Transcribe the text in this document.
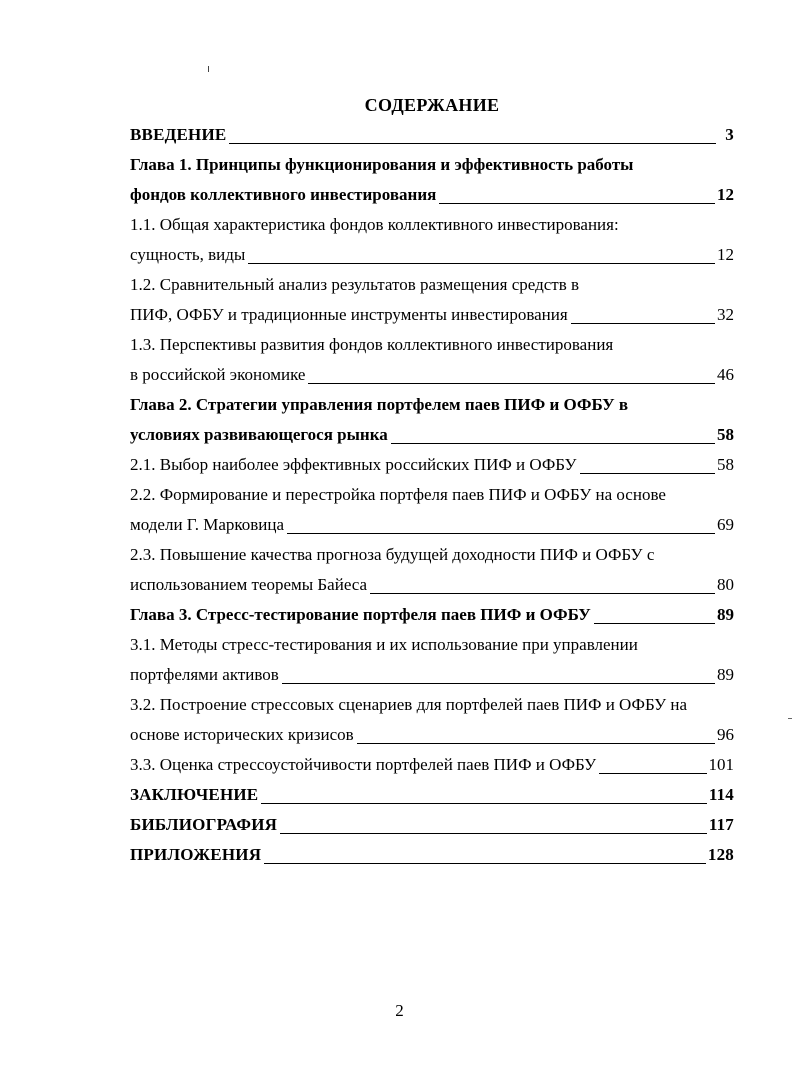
СОДЕРЖАНИЕ
ВВЕДЕНИЕ	3
Глава 1. Принципы функционирования и эффективность работы
фондов коллективного инвестирования	12
1.1. Общая характеристика фондов коллективного инвестирования:
сущность, виды	12
1.2. Сравнительный анализ результатов размещения средств в
ПИФ, ОФБУ и традиционные инструменты инвестирования	32
1.3. Перспективы развития фондов коллективного инвестирования
в российской экономике	46
Глава 2. Стратегии управления портфелем паев ПИФ и ОФБУ в
условиях развивающегося рынка	58
2.1. Выбор наиболее эффективных российских ПИФ и ОФБУ	58
2.2. Формирование и перестройка портфеля паев ПИФ и ОФБУ на основе
модели Г. Марковица	69
2.3. Повышение качества прогноза будущей доходности ПИФ и ОФБУ с
использованием теоремы Байеса	80
Глава 3. Стресс-тестирование портфеля паев ПИФ и ОФБУ	89
3.1. Методы стресс-тестирования и их использование при управлении
портфелями активов	89
3.2. Построение стрессовых сценариев для портфелей паев ПИФ и ОФБУ на
основе исторических кризисов	96
3.3. Оценка стрессоустойчивости портфелей паев ПИФ и ОФБУ	101
ЗАКЛЮЧЕНИЕ	114
БИБЛИОГРАФИЯ	117
ПРИЛОЖЕНИЯ	128
2
